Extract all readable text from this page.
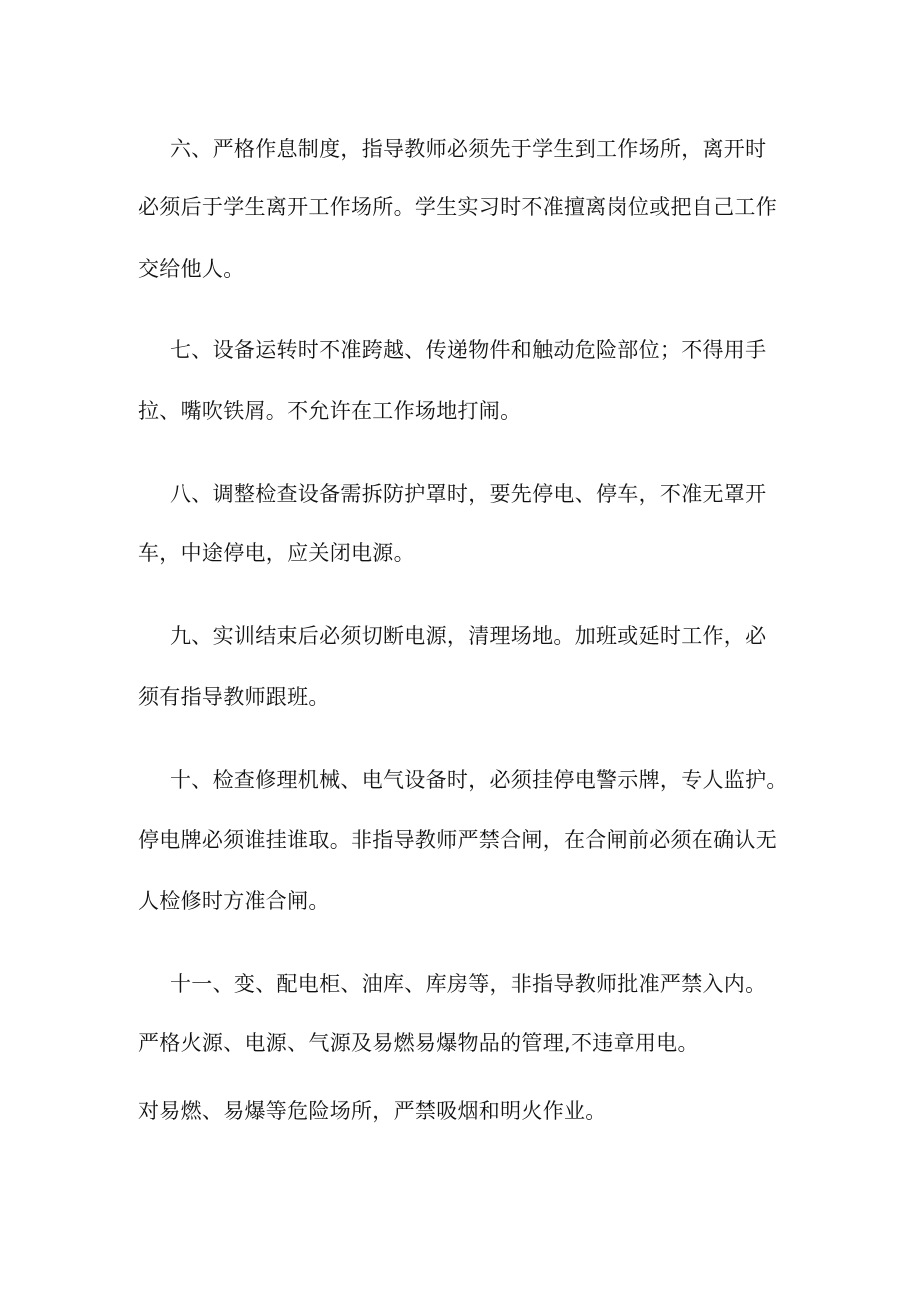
六、严格作息制度，指导教师必须先于学生到工作场所，离开时
必须后于学生离开工作场所。学生实习时不准擅离岗位或把自己工作
交给他人。
七、设备运转时不准跨越、传递物件和触动危险部位；不得用手
拉、嘴吹铁屑。不允许在工作场地打闹。
八、调整检查设备需拆防护罩时，要先停电、停车，不准无罩开
车，中途停电，应关闭电源。
九、实训结束后必须切断电源，清理场地。加班或延时工作，必
须有指导教师跟班。
十、检查修理机械、电气设备时，必须挂停电警示牌，专人监护。
停电牌必须谁挂谁取。非指导教师严禁合闸，在合闸前必须在确认无
人检修时方准合闸。
十一、变、配电柜、油库、库房等，非指导教师批准严禁入内。
严格火源、电源、气源及易燃易爆物品的管理,不违章用电。
对易燃、易爆等危险场所，严禁吸烟和明火作业。
